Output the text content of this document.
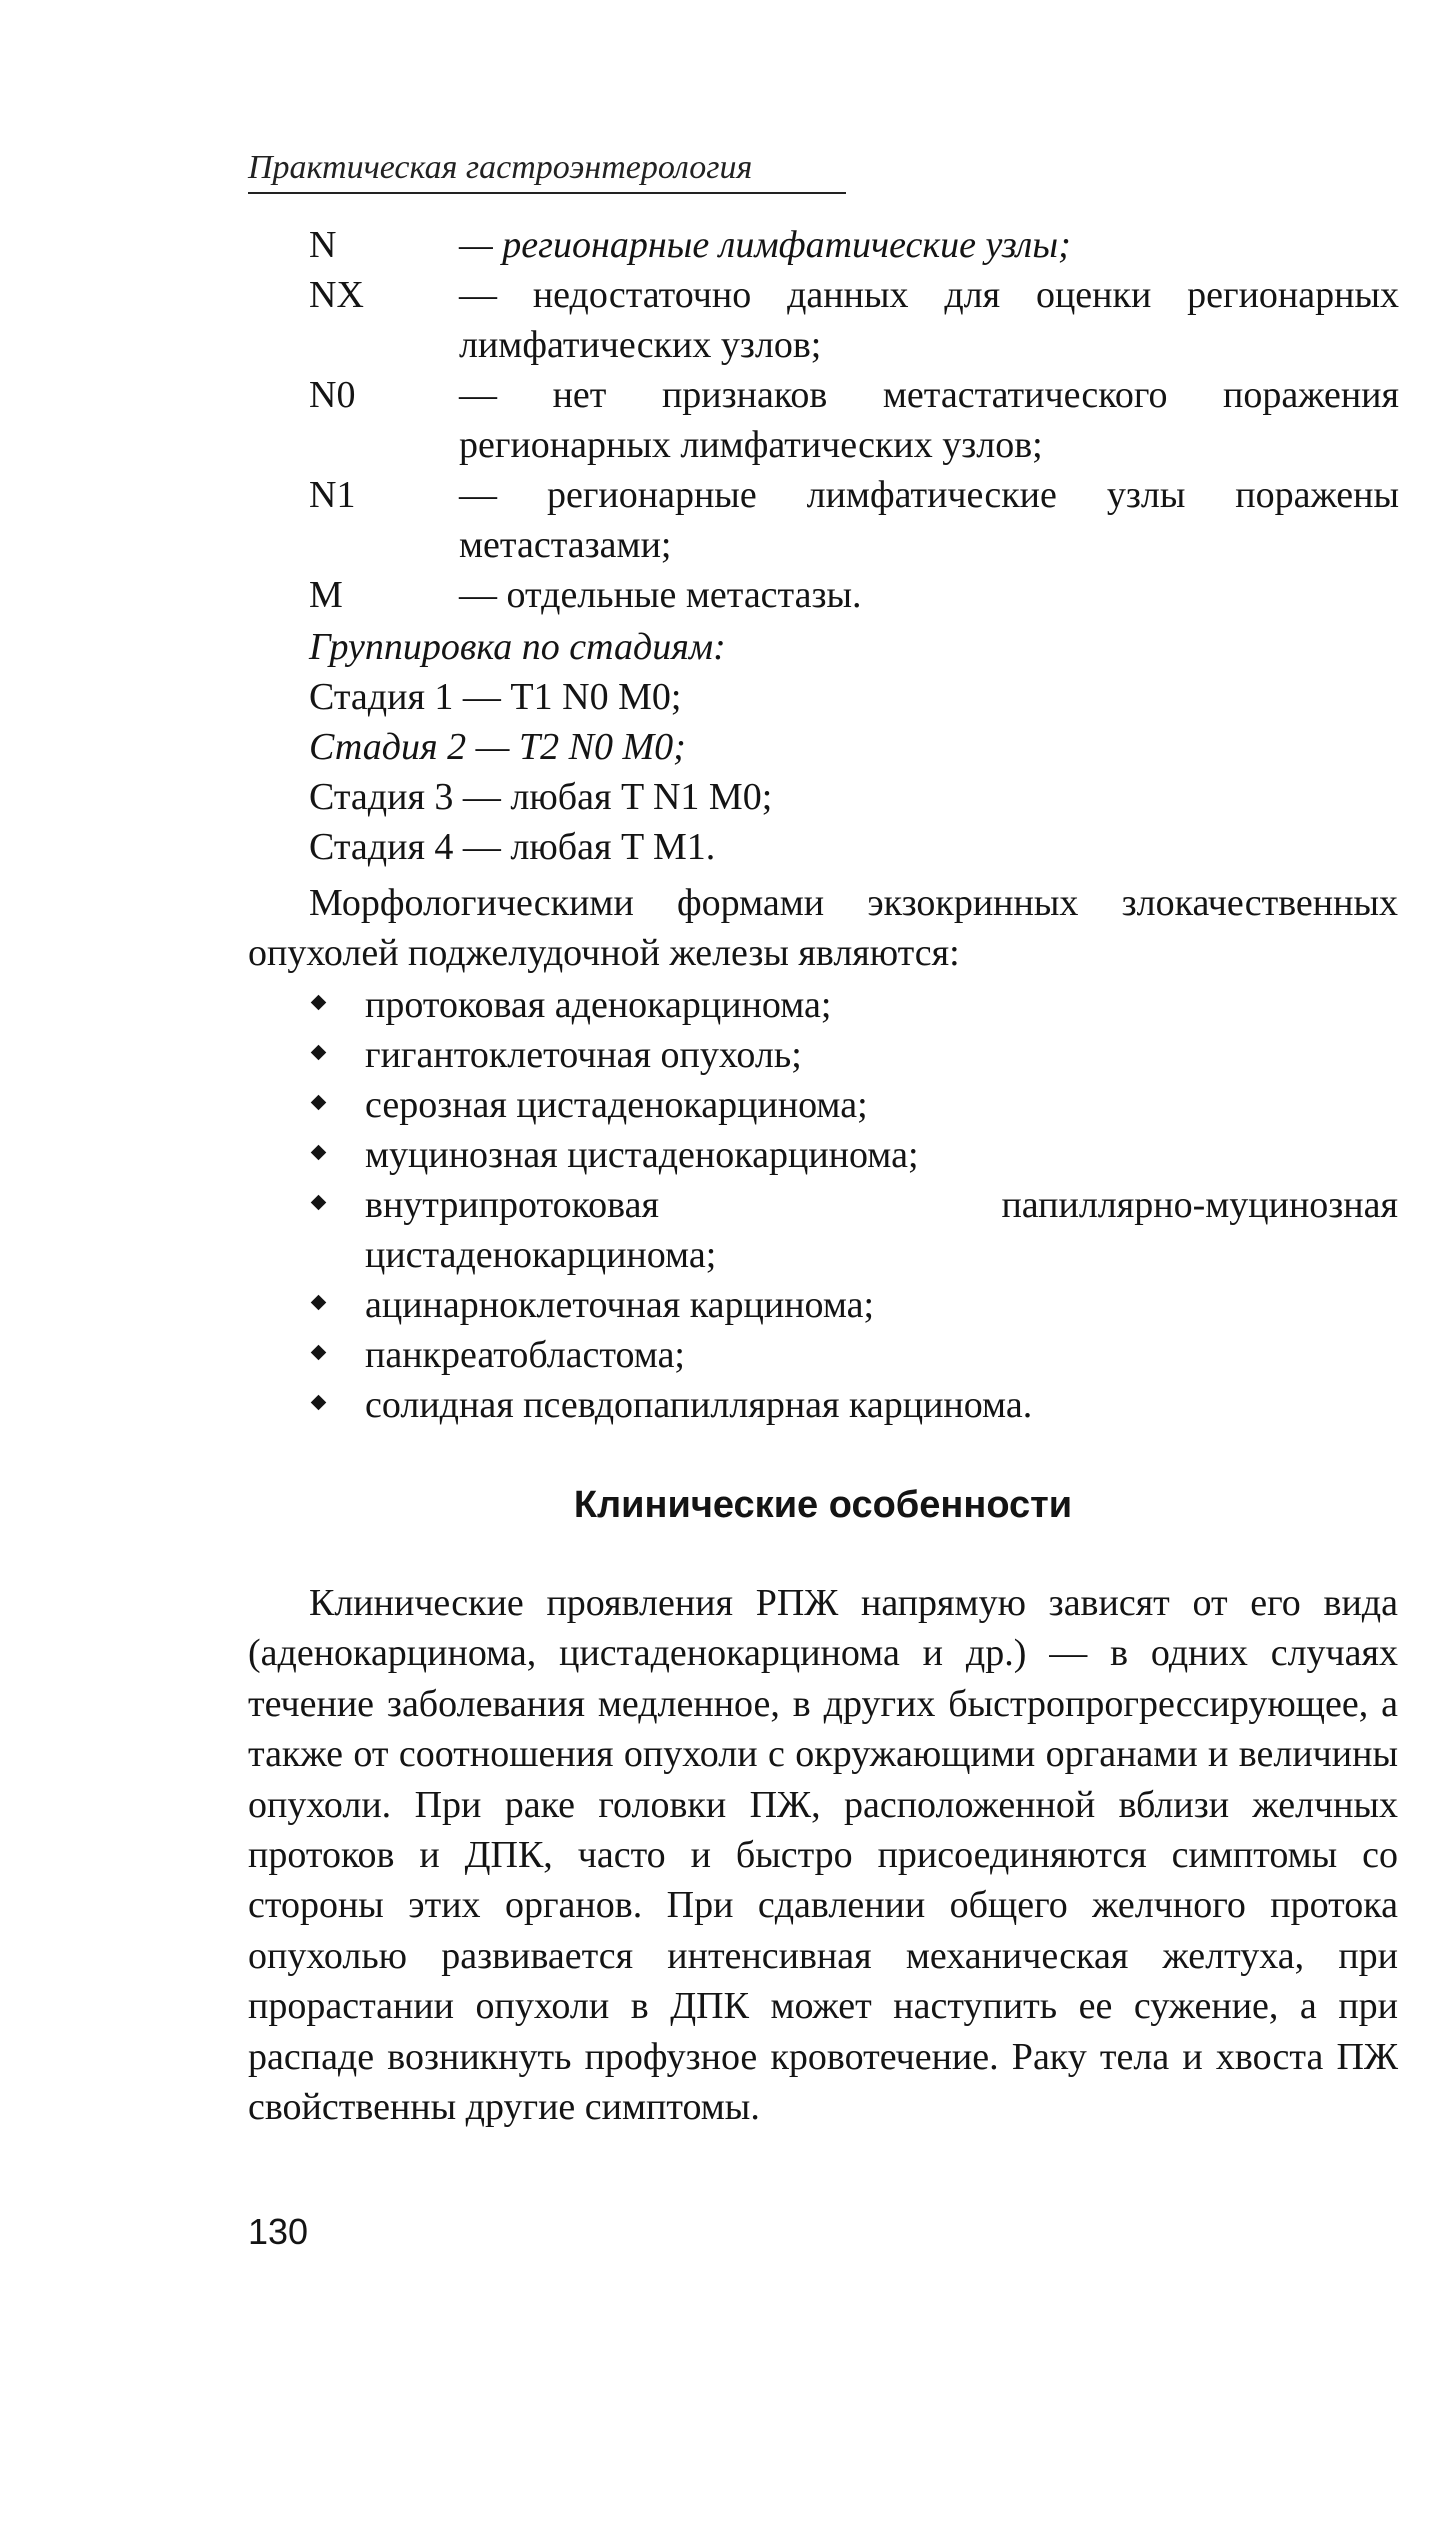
Практическая гастроэнтерология
N	— регионарные лимфатические узлы;
NX	— недостаточно данных для оценки регионарных лимфатических узлов;
N0	— нет признаков метастатического поражения регионарных лимфатических узлов;
N1	— регионарные лимфатические узлы поражены метастазами;
M	— отдельные метастазы.
Группировка по стадиям:
Стадия 1 — T1 N0 M0;
Стадия 2 — T2 N0 M0;
Стадия 3 — любая T N1 M0;
Стадия 4 — любая T M1.
Морфологическими формами экзокринных злокачественных опухолей поджелудочной железы являются:
протоковая аденокарцинома;
гигантоклеточная опухоль;
серозная цистаденокарцинома;
муцинозная цистаденокарцинома;
внутрипротоковая папиллярно-муцинозная цистаденокарцинома;
ацинарноклеточная карцинома;
панкреатобластома;
солидная псевдопапиллярная карцинома.
Клинические особенности
Клинические проявления РПЖ напрямую зависят от его вида (аденокарцинома, цистаденокарцинома и др.) — в одних случаях течение заболевания медленное, в других быстропрогрессирующее, а также от соотношения опухоли с окружающими органами и величины опухоли. При раке головки ПЖ, расположенной вблизи желчных протоков и ДПК, часто и быстро присоединяются симптомы со стороны этих органов. При сдавлении общего желчного протока опухолью развивается интенсивная механическая желтуха, при прорастании опухоли в ДПК может наступить ее сужение, а при распаде возникнуть профузное кровотечение. Раку тела и хвоста ПЖ свойственны другие симптомы.
130
